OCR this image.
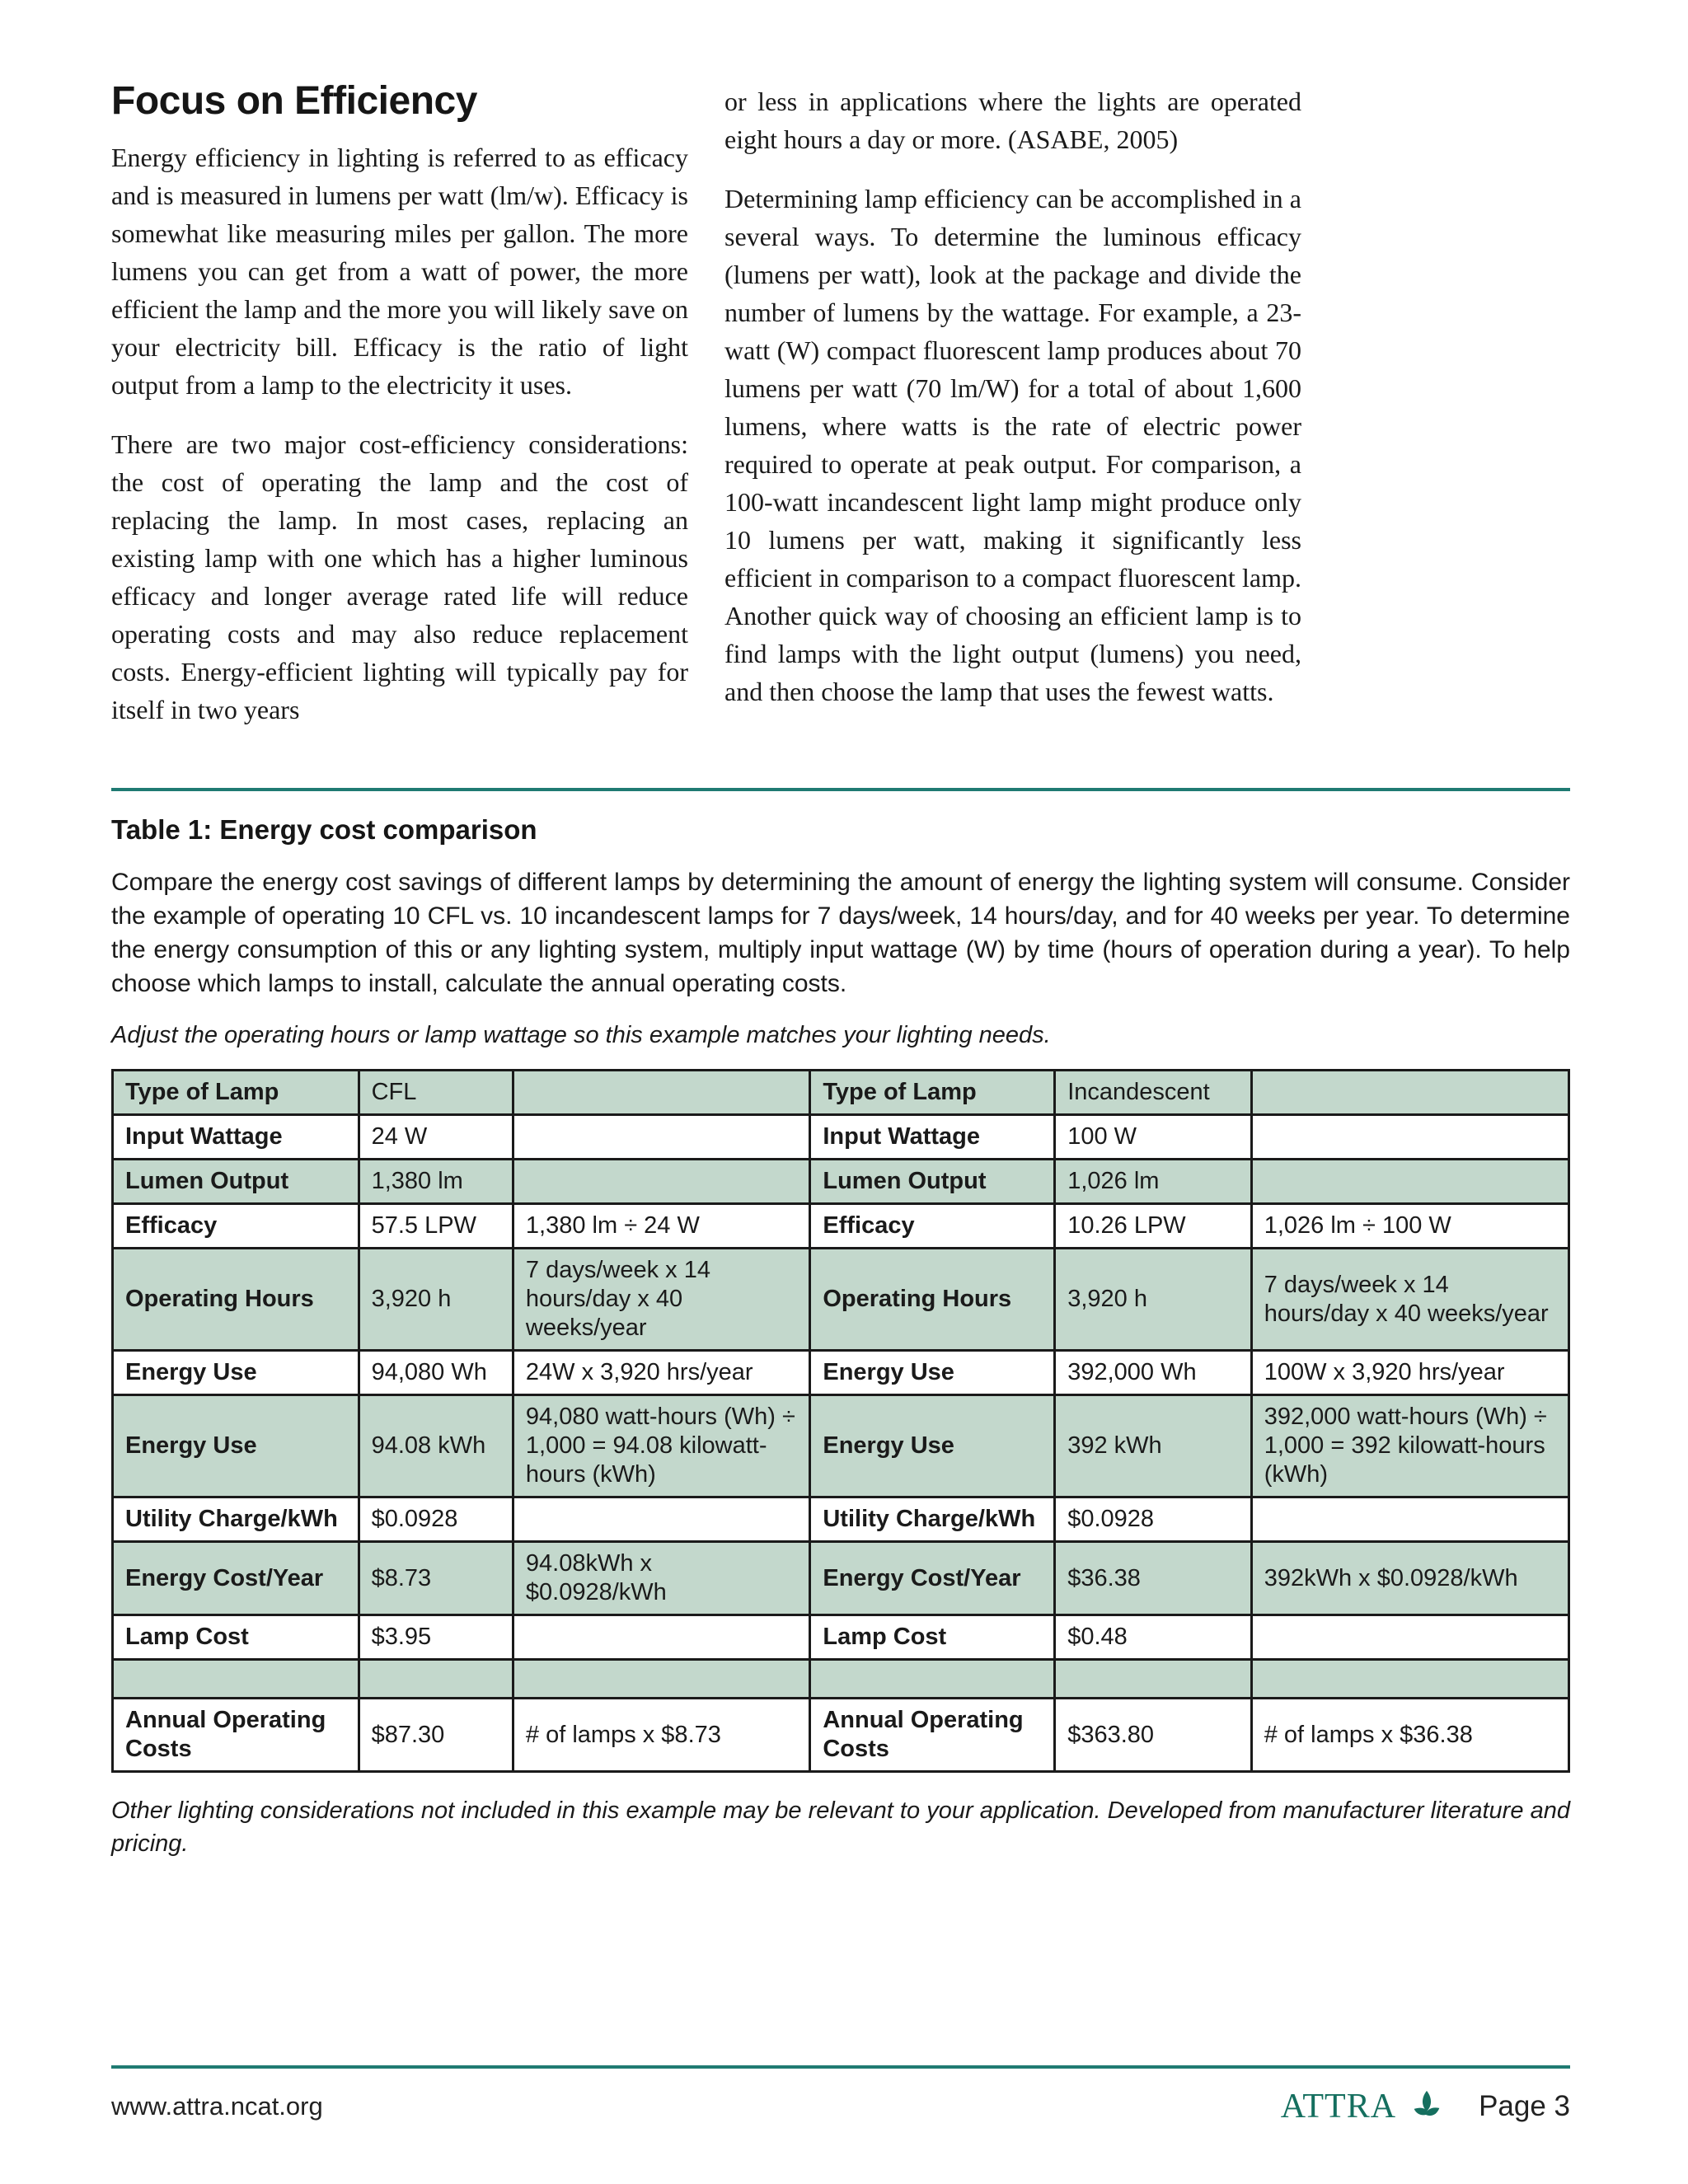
Focus on Efficiency

Energy efficiency in lighting is referred to as efficacy and is measured in lumens per watt (lm/w). Efficacy is somewhat like measuring miles per gallon. The more lumens you can get from a watt of power, the more efficient the lamp and the more you will likely save on your electricity bill. Efficacy is the ratio of light output from a lamp to the electricity it uses.

There are two major cost-efficiency considerations: the cost of operating the lamp and the cost of replacing the lamp. In most cases, replacing an existing lamp with one which has a higher luminous efficacy and longer average rated life will reduce operating costs and may also reduce replacement costs. Energy-efficient lighting will typically pay for itself in two years

or less in applications where the lights are operated eight hours a day or more. (ASABE, 2005)

Determining lamp efficiency can be accomplished in a several ways. To determine the luminous efficacy (lumens per watt), look at the package and divide the number of lumens by the wattage. For example, a 23-watt (W) compact fluorescent lamp produces about 70 lumens per watt (70 lm/W) for a total of about 1,600 lumens, where watts is the rate of electric power required to operate at peak output. For comparison, a 100-watt incandescent light lamp might produce only 10 lumens per watt, making it significantly less efficient in comparison to a compact fluorescent lamp. Another quick way of choosing an efficient lamp is to find lamps with the light output (lumens) you need, and then choose the lamp that uses the fewest watts.

Table 1: Energy cost comparison

Compare the energy cost savings of different lamps by determining the amount of energy the lighting system will consume. Consider the example of operating 10 CFL vs. 10 incandescent lamps for 7 days/week, 14 hours/day, and for 40 weeks per year. To determine the energy consumption of this or any lighting system, multiply input wattage (W) by time (hours of operation during a year). To help choose which lamps to install, calculate the annual operating costs.

Adjust the operating hours or lamp wattage so this example matches your lighting needs.

Type of Lamp	CFL		Type of Lamp	Incandescent	
Input Wattage	24 W		Input Wattage	100 W	
Lumen Output	1,380 lm		Lumen Output	1,026 lm	
Efficacy	57.5 LPW	1,380 lm ÷ 24 W	Efficacy	10.26 LPW	1,026 lm ÷ 100 W
Operating Hours	3,920 h	7 days/week x 14 hours/day x 40 weeks/year	Operating Hours	3,920 h	7 days/week x 14 hours/day x 40 weeks/year
Energy Use	94,080 Wh	24W x 3,920 hrs/year	Energy Use	392,000 Wh	100W x 3,920 hrs/year
Energy Use	94.08 kWh	94,080 watt-hours (Wh) ÷ 1,000 = 94.08 kilowatt-hours (kWh)	Energy Use	392 kWh	392,000 watt-hours (Wh) ÷ 1,000 = 392 kilowatt-hours (kWh)
Utility Charge/kWh	$0.0928		Utility Charge/kWh	$0.0928	
Energy Cost/Year	$8.73	94.08kWh x $0.0928/kWh	Energy Cost/Year	$36.38	392kWh x $0.0928/kWh
Lamp Cost	$3.95		Lamp Cost	$0.48	

Annual Operating Costs	$87.30	# of lamps x $8.73	Annual Operating Costs	$363.80	# of lamps x $36.38

Other lighting considerations not included in this example may be relevant to your application. Developed from manufacturer literature and pricing.

www.attra.ncat.org	ATTRA	Page 3
